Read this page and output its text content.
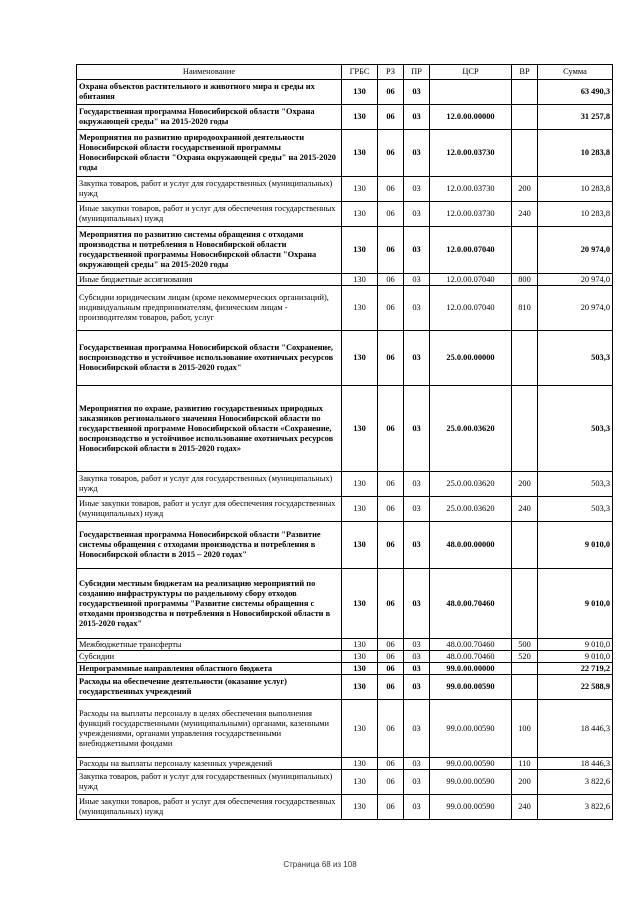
Наименование	ГРБС	РЗ	ПР	ЦСР	ВР	Сумма
Охрана объектов растительного и животного мира и среды их обитания	130	06	03			63 490,3
Государственная программа Новосибирской области "Охрана окружающей среды" на 2015-2020 годы	130	06	03	12.0.00.00000		31 257,8
Мероприятия по развитию природоохранной деятельности Новосибирской области государственной программы Новосибирской области "Охрана окружающей среды" на 2015-2020 годы	130	06	03	12.0.00.03730		10 283,8
Закупка товаров, работ и услуг для государственных (муниципальных) нужд	130	06	03	12.0.00.03730	200	10 283,8
Иные закупки товаров, работ и услуг для обеспечения государственных (муниципальных) нужд	130	06	03	12.0.00.03730	240	10 283,8
Мероприятия по развитию системы обращения с отходами производства и потребления в Новосибирской области государственной программы Новосибирской области "Охрана окружающей среды" на 2015-2020 годы	130	06	03	12.0.00.07040		20 974,0
Иные бюджетные ассигнования	130	06	03	12.0.00.07040	800	20 974,0
Субсидии юридическим лицам (кроме некоммерческих организаций), индивидуальным предпринимателям, физическим лицам - производителям товаров, работ, услуг	130	06	03	12.0.00.07040	810	20 974,0
Государственная программа Новосибирской области "Сохранение, воспроизводство и устойчивое использование охотничьих ресурсов Новосибирской области в 2015-2020 годах"	130	06	03	25.0.00.00000		503,3
Мероприятия по охране, развитию государственных природных заказников регионального значения Новосибирской области по государственной программе Новосибирской области «Сохранение, воспроизводство и устойчивое использование охотничьих ресурсов Новосибирской области в 2015-2020 годах»	130	06	03	25.0.00.03620		503,3
Закупка товаров, работ и услуг для государственных (муниципальных) нужд	130	06	03	25.0.00.03620	200	503,3
Иные закупки товаров, работ и услуг для обеспечения государственных (муниципальных) нужд	130	06	03	25.0.00.03620	240	503,3
Государственная программа Новосибирской области "Развитие системы обращения с отходами производства и потребления в Новосибирской области в 2015 – 2020 годах"	130	06	03	48.0.00.00000		9 010,0
Субсидии местным бюджетам на реализацию мероприятий по созданию инфраструктуры по раздельному сбору отходов государственной программы "Развитие системы обращения с отходами производства и потребления в Новосибирской области в 2015-2020 годах"	130	06	03	48.0.00.70460		9 010,0
Межбюджетные трансферты	130	06	03	48.0.00.70460	500	9 010,0
Субсидии	130	06	03	48.0.00.70460	520	9 010,0
Непрограммные направления областного бюджета	130	06	03	99.0.00.00000		22 719,2
Расходы на обеспечение деятельности (оказание услуг) государственных учреждений	130	06	03	99.0.00.00590		22 588,9
Расходы на выплаты персоналу в целях обеспечения выполнения функций государственными (муниципальными) органами, казенными учреждениями, органами управления государственными внебюджетными фондами	130	06	03	99.0.00.00590	100	18 446,3
Расходы на выплаты персоналу казенных учреждений	130	06	03	99.0.00.00590	110	18 446,3
Закупка товаров, работ и услуг для государственных (муниципальных) нужд	130	06	03	99.0.00.00590	200	3 822,6
Иные закупки товаров, работ и услуг для обеспечения государственных (муниципальных) нужд	130	06	03	99.0.00.00590	240	3 822,6
Страница 68 из 108
